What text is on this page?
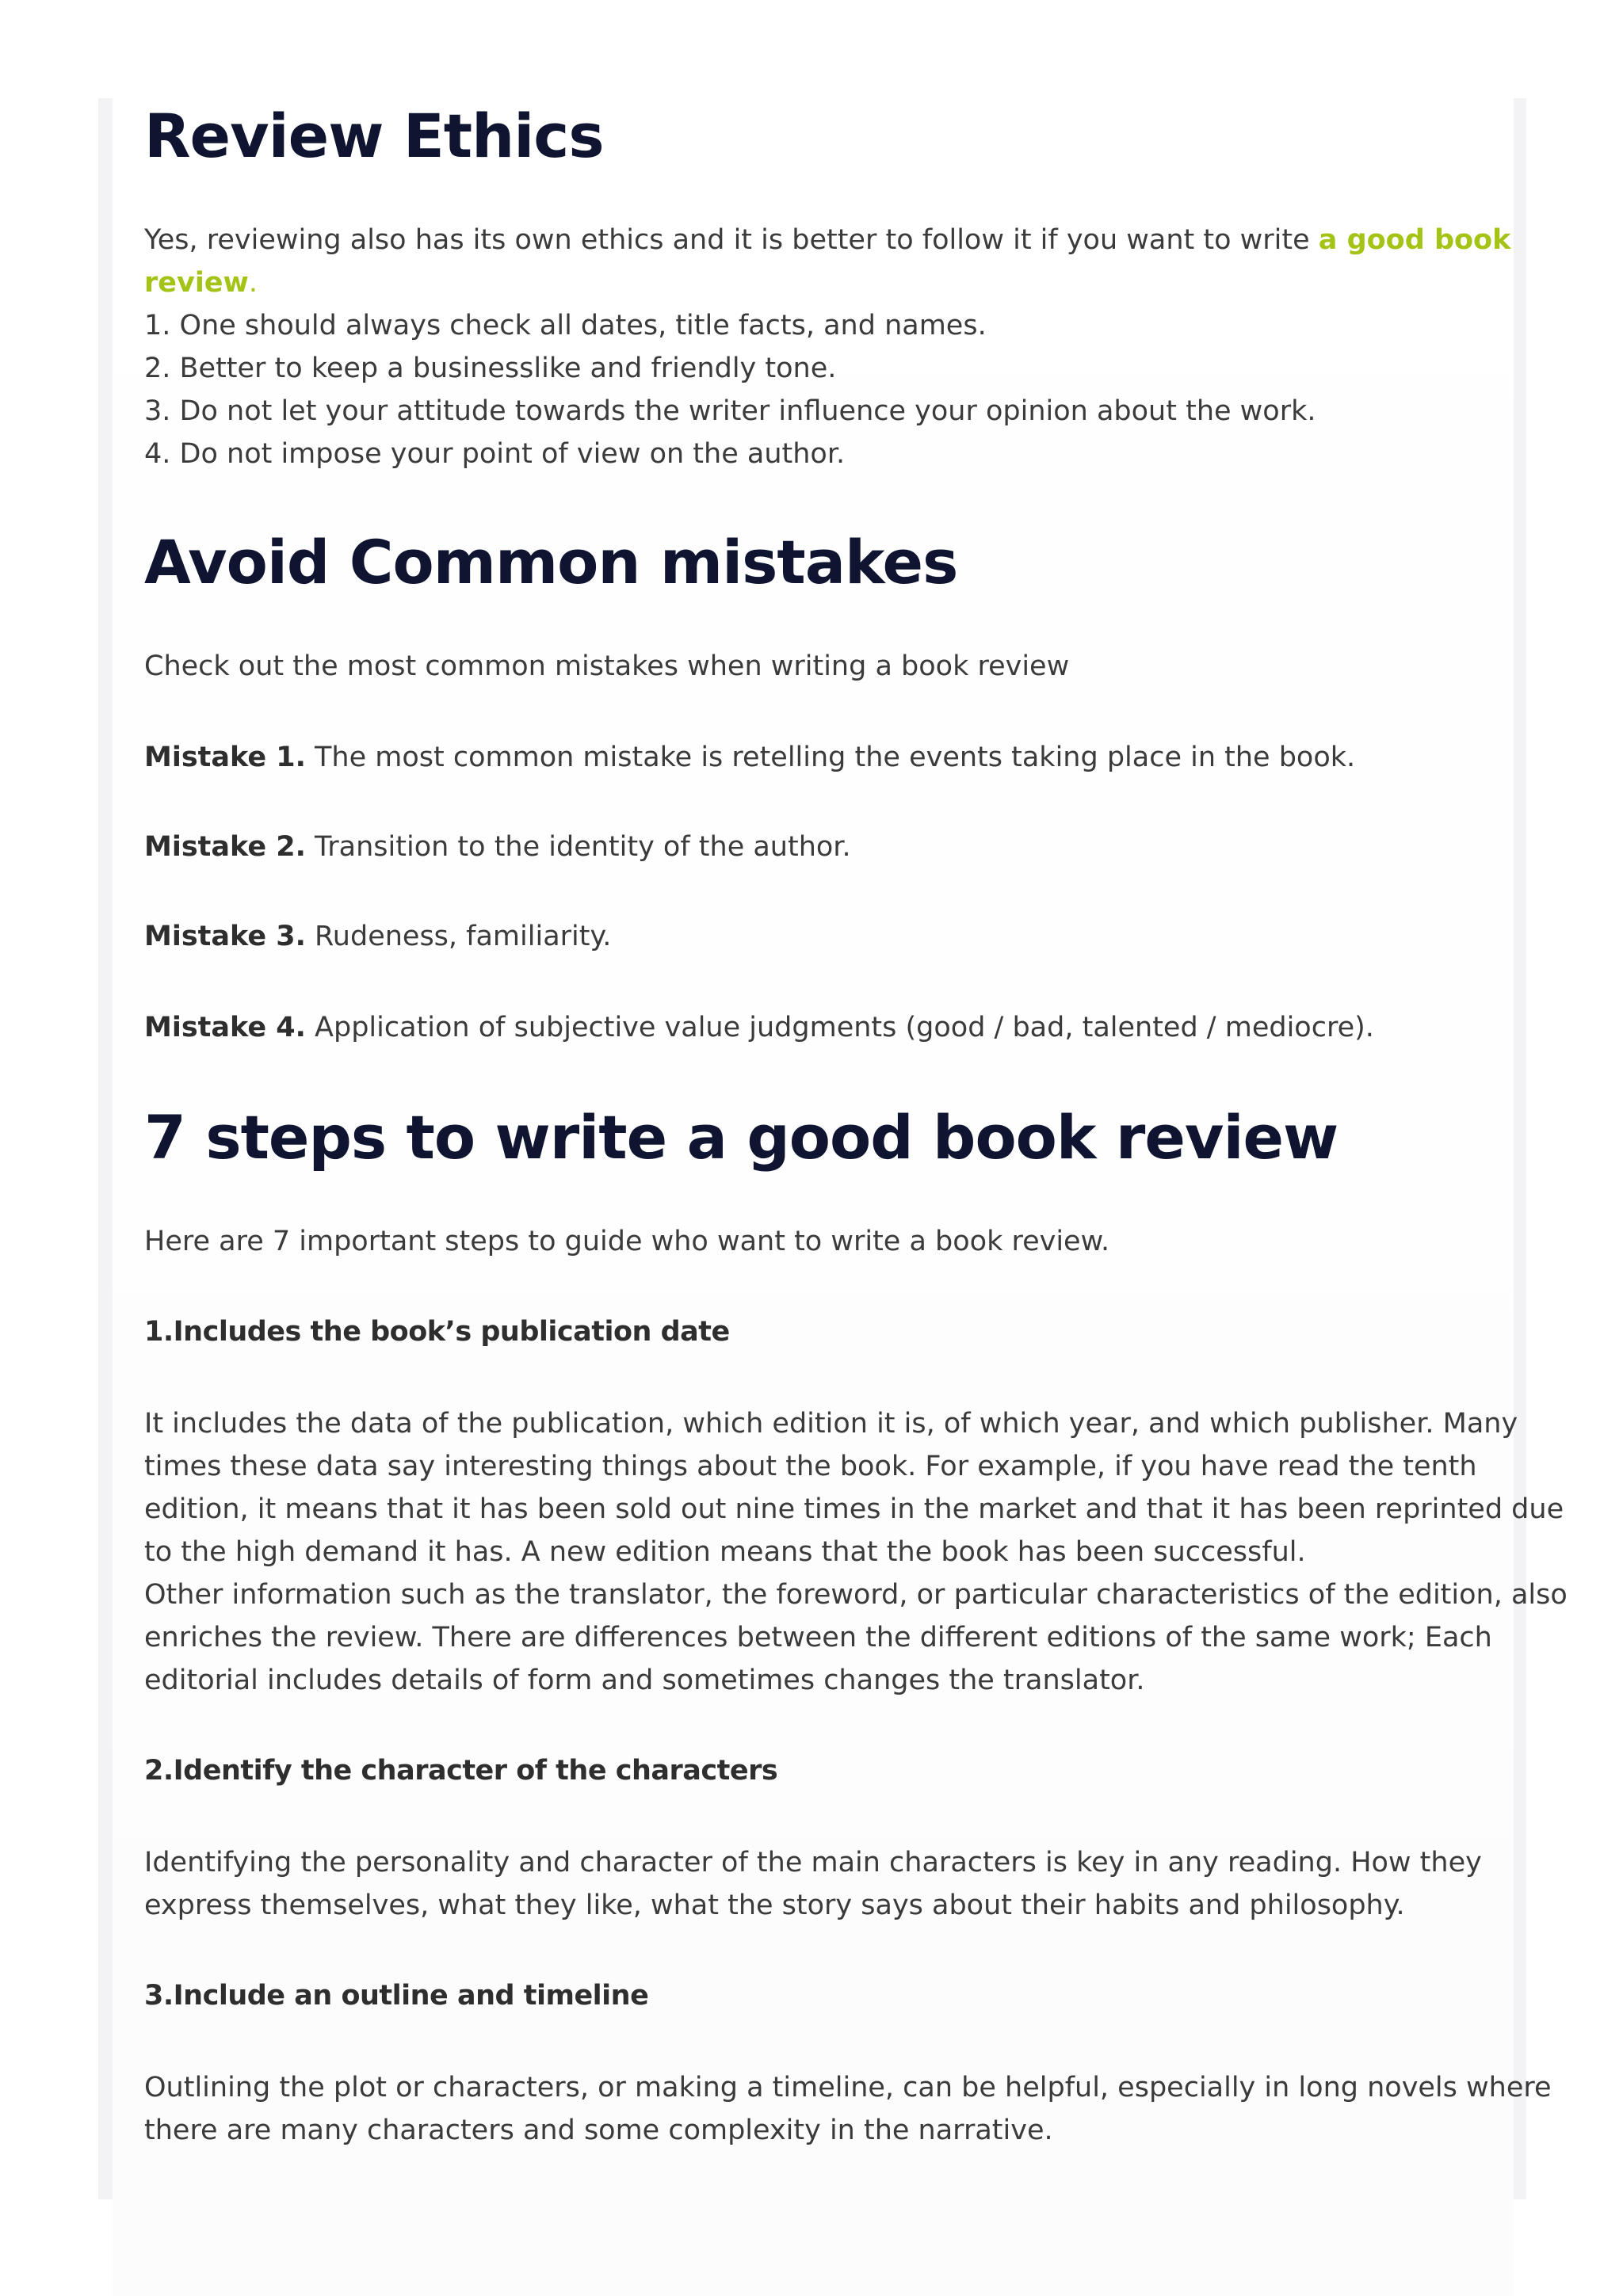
Review Ethics
Yes, reviewing also has its own ethics and it is better to follow it if you want to write a good book
review.
1. One should always check all dates, title facts, and names.
2. Better to keep a businesslike and friendly tone.
3. Do not let your attitude towards the writer influence your opinion about the work.
4. Do not impose your point of view on the author.
Avoid Common mistakes

Check out the most common mistakes when writing a book review

Mistake 1. The most common mistake is retelling the events taking place in the book.

Mistake 2. Transition to the identity of the author.

Mistake 3. Rudeness, familiarity.

Mistake 4. Application of subjective value judgments (good / bad, talented / mediocre).

7 steps to write a good book review

Here are 7 important steps to guide who want to write a book review.

1.Includes the book’s publication date
It includes the data of the publication, which edition it is, of which year, and which publisher. Many
times these data say interesting things about the book. For example, if you have read the tenth
edition, it means that it has been sold out nine times in the market and that it has been reprinted due
to the high demand it has. A new edition means that the book has been successful.
Other information such as the translator, the foreword, or particular characteristics of the edition, also
enriches the review. There are differences between the different editions of the same work; Each
editorial includes details of form and sometimes changes the translator.
2.Identify the character of the characters
Identifying the personality and character of the main characters is key in any reading. How they
express themselves, what they like, what the story says about their habits and philosophy.
3.Include an outline and timeline
Outlining the plot or characters, or making a timeline, can be helpful, especially in long novels where
there are many characters and some complexity in the narrative.
